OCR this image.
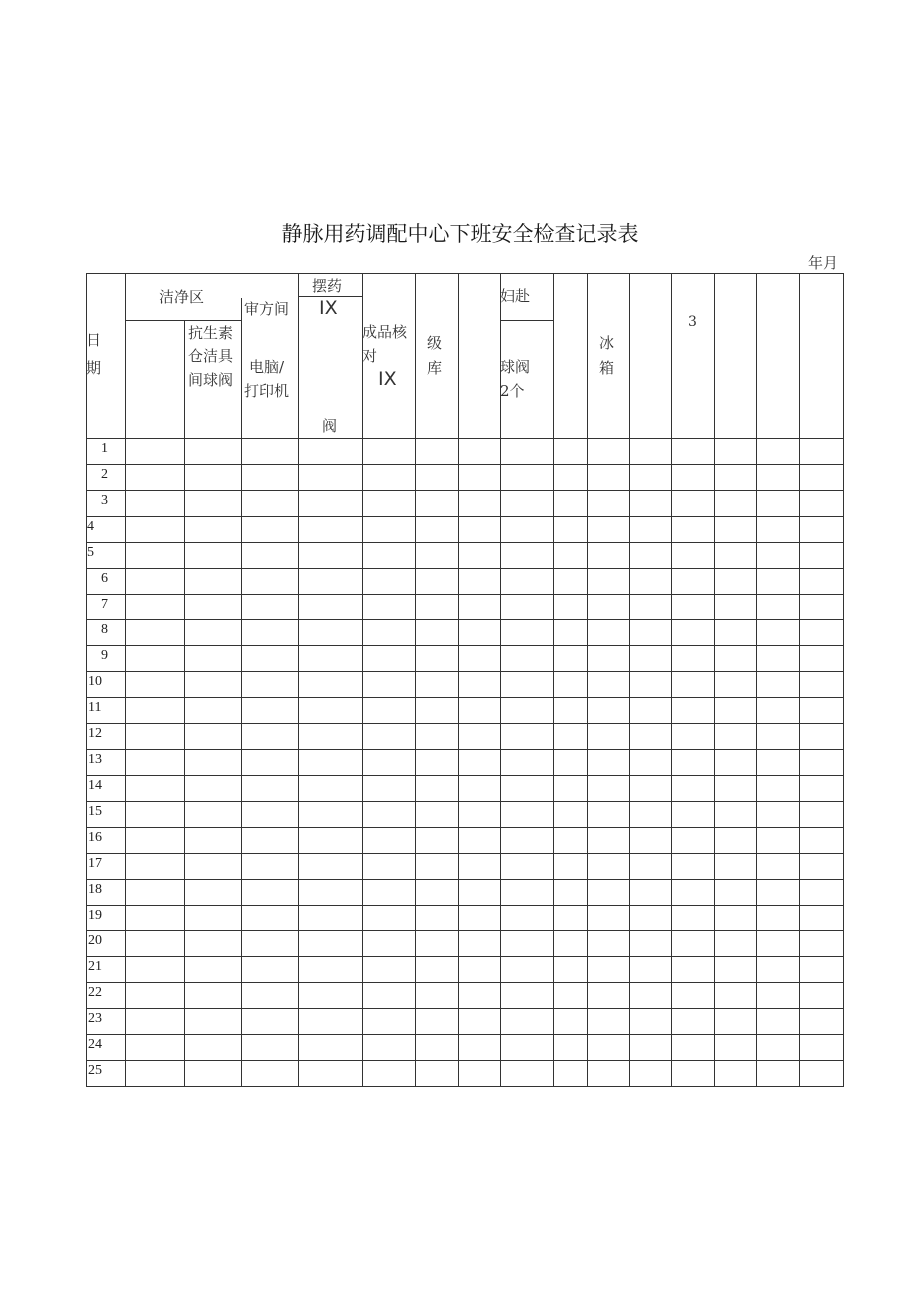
静脉用药调配中心下班安全检查记录表
年月
日
期
洁净区
抗生素
仓洁具
间球阀
审方间
电脑/
打印机
摆药
IX
阀
成品核
对
IX
级
库
妇赴
球阀
2个
冰
箱
3
1
2
3
4
5
6
7
8
9
10
11
12
13
14
15
16
17
18
19
20
21
22
23
24
25
